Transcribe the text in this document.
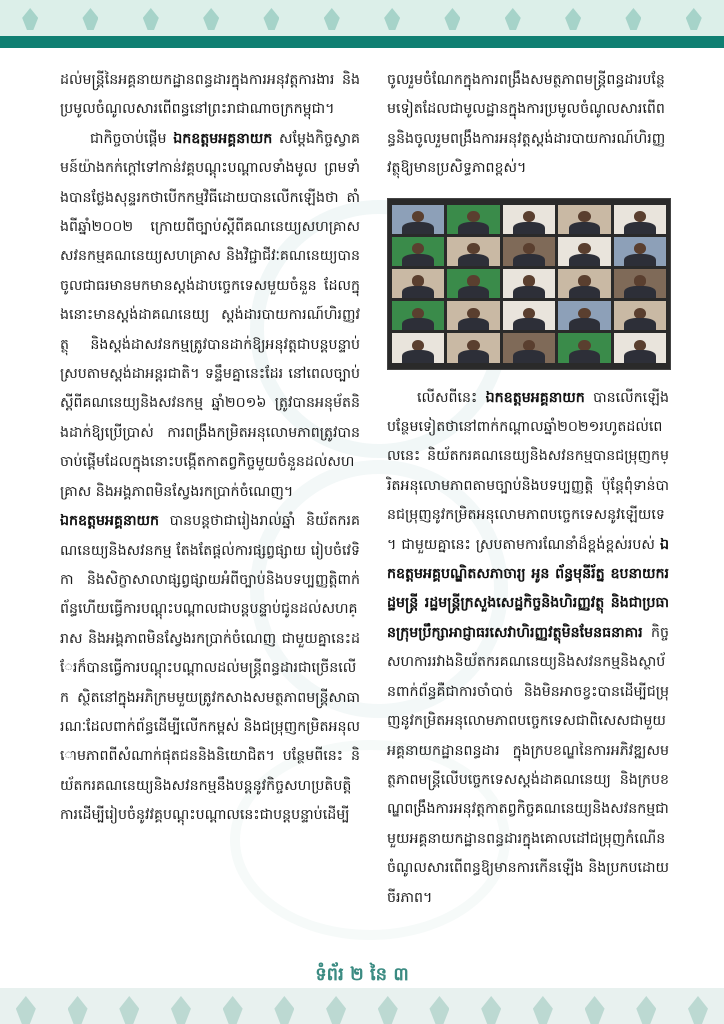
ដល់មន្ត្រីនៃអគ្គនាយកដ្ឋានពន្ធដារក្នុងការអនុវត្តការងារ និងប្រមូលចំណូលសារពើពន្ធនៅព្រះរាជាណាចក្រកម្ពុជា។

ជាកិច្ចចាប់ផ្តើម ឯកឧត្តមអគ្គនាយក សម្តែងកិច្ចស្វាគមន៍យ៉ាងកក់ក្តៅទៅកាន់វគ្គបណ្តុះបណ្តាលទាំងមូល ព្រមទាំងបានថ្លែងសុន្ទរកថាបើកកម្មវិធីដោយបានលើកឡើងថា តាំងពីឆ្នាំ២០០២ ក្រោយពីច្បាប់ស្តីពីគណនេយ្យសហគ្រាស សវនកម្មគណនេយ្យសហគ្រាស និងវិជ្ជាជីវៈគណនេយ្យបានចូលជាធរមានមកមានស្តង់ដាបច្ចេកទេសមួយចំនួន ដែលក្នុងនោះមានស្តង់ដាគណនេយ្យ ស្តង់ដារបាយការណ៍ហិរញ្ញវត្ថុ និងស្តង់ដាសវនកម្មត្រូវបានដាក់ឱ្យអនុវត្តជាបន្តបន្ទាប់ ស្របតាមស្តង់ដាអន្តរជាតិ។ ទន្ទឹមគ្នានេះដែរ នៅពេលច្បាប់ស្តីពីគណនេយ្យនិងសវនកម្ម ឆ្នាំ២០១៦ ត្រូវបានអនុម័តនិងដាក់ឱ្យប្រើប្រាស់ ការពង្រឹងកម្រិតអនុលោមភាពត្រូវបានចាប់ផ្តើមដែលក្នុងនោះបង្កើតកាតព្វកិច្ចមួយចំនួនដល់សហគ្រាស និងអង្គភាពមិនស្វែងរកប្រាក់ចំណេញ។

ឯកឧត្តមអគ្គនាយក បានបន្តថាជារៀងរាល់ឆ្នាំ និយ័តករគណនេយ្យនិងសវនកម្ម តែងតែផ្តល់ការផ្សព្វផ្សាយ រៀបចំវេទិកា និងសិក្ខាសាលាផ្សព្វផ្សាយអំពីច្បាប់និងបទប្បញ្ញត្តិពាក់ព័ន្ធហើយធ្វើការបណ្តុះបណ្តាលជាបន្តបន្ទាប់ជូនដល់សហគ្រាស និងអង្គភាពមិនស្វែងរកប្រាក់ចំណេញ ជាមួយគ្នានេះដែរក៏បានធ្វើការបណ្តុះបណ្តាលដល់មន្ត្រីពន្ធដារជាច្រើនលើក ស្ថិតនៅក្នុងអភិក្រមមួយត្រូវកសាងសមត្ថភាពមន្ត្រីសាធារណៈដែលពាក់ព័ន្ធដើម្បីលើកកម្ពស់ និងជម្រុញកម្រិតអនុលោមភាពពីសំណាក់ផុតជននិងនិយោជិត។ បន្ថែមពីនេះ និយ័តករគណនេយ្យនិងសវនកម្មនឹងបន្តនូវកិច្ចសហប្រតិបត្តិការដើម្បីរៀបចំនូវវគ្គបណ្តុះបណ្តាលនេះជាបន្តបន្ទាប់ដើម្បី

ចូលរួមចំណែកក្នុងការពង្រឹងសមត្ថភាពមន្ត្រីពន្ធដារបន្ថែមទៀតដែលជាមូលដ្ឋានក្នុងការប្រមូលចំណូលសារពើពន្ធនិងចូលរួមពង្រឹងការអនុវត្តស្តង់ដារបាយការណ៍ហិរញ្ញវត្ថុឱ្យមានប្រសិទ្ធភាពខ្ពស់។

លើសពីនេះ ឯកឧត្តមអគ្គនាយក បានលើកឡើងបន្ថែមទៀតថានៅពាក់កណ្តាលឆ្នាំ២០២១រហូតដល់ពេលនេះ និយ័តករគណនេយ្យនិងសវនកម្មបានជម្រុញកម្រិតអនុលោមភាពតាមច្បាប់និងបទប្បញ្ញត្តិ ប៉ុន្តែពុំទាន់បានជម្រុញនូវកម្រិតអនុលោមភាពបច្ចេកទេសនូវឡើយទេ។ ជាមួយគ្នានេះ ស្របតាមការណែនាំដ៏ខ្ពង់ខ្ពស់របស់ ឯកឧត្តមអគ្គបណ្ឌិតសភាចារ្យ អូន ព័ន្ធមុនីរ័ត្ន ឧបនាយករដ្ឋមន្ត្រី រដ្ឋមន្ត្រីក្រសួងសេដ្ឋកិច្ចនិងហិរញ្ញវត្ថុ និងជាប្រធានក្រុមប្រឹក្សាអាជ្ញាធរសេវាហិរញ្ញវត្ថុមិនមែនធនាគារ កិច្ចសហការរវាងនិយ័តករគណនេយ្យនិងសវនកម្មនិងស្ថាប័នពាក់ព័ន្ធគឺជាការចាំបាច់ និងមិនអាចខ្វះបានដើម្បីជម្រុញនូវកម្រិតអនុលោមភាពបច្ចេកទេសជាពិសេសជាមួយអគ្គនាយកដ្ឋានពន្ធដារ ក្នុងក្របខណ្ឌនៃការអភិវឌ្ឍសមត្ថភាពមន្ត្រីលើបច្ចេកទេសស្តង់ដាគណនេយ្យ និងក្របខណ្ឌពង្រឹងការអនុវត្តកាតព្វកិច្ចគណនេយ្យនិងសវនកម្មជាមួយអគ្គនាយកដ្ឋានពន្ធដារក្នុងគោលដៅជម្រុញកំណើនចំណូលសារពើពន្ធឱ្យមានការកើនឡើង និងប្រកបដោយចីរភាព។

ទំព័រ ២ នៃ ៣
